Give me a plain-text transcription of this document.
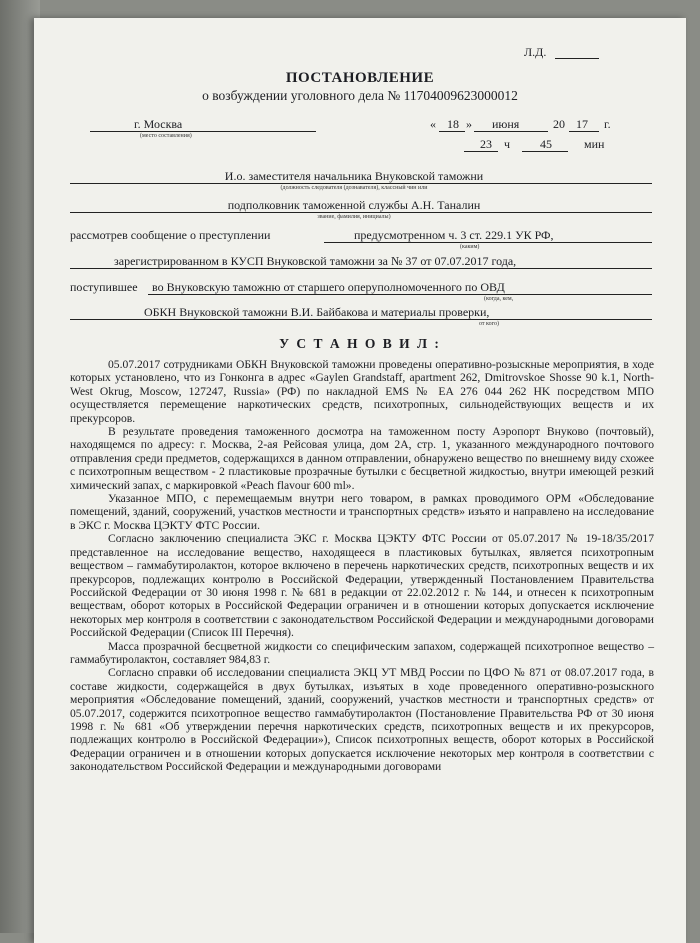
Л.Д.
ПОСТАНОВЛЕНИЕ
о возбуждении уголовного дела № 11704009623000012
г. Москва
(место составления)
« 18 » июня	20 17 г.
23 ч 45	мин
И.о. заместителя начальника Внуковской таможни
(должность следователя (дознавателя), классный чин или
подполковник таможенной службы А.Н. Таналин
звание, фамилия, инициалы)
рассмотрев сообщение о преступлении	предусмотренном ч. 3 ст. 229.1 УК РФ,
(каким)
зарегистрированном в КУСП Внуковской таможни за № 37 от 07.07.2017 года,
поступившее во Внуковскую таможню от старшего оперуполномоченного по ОВД
(когда, кем,
ОБКН Внуковской таможни В.И. Байбакова и материалы проверки,
от кого)
У С Т А Н О В И Л :

05.07.2017 сотрудниками ОБКН Внуковской таможни проведены оперативно-розыскные мероприятия, в ходе которых установлено, что из Гонконга в адрес «Gaylen Grandstaff, apartment 262, Dmitrovskoe Shosse 90 k.1, North-West Okrug, Moscow, 127247, Russia» (РФ) по накладной EMS № EA 276 044 262 HK посредством МПО осуществляется перемещение наркотических средств, психотропных, сильнодействующих веществ и их прекурсоров.

В результате проведения таможенного досмотра на таможенном посту Аэропорт Внуково (почтовый), находящемся по адресу: г. Москва, 2-ая Рейсовая улица, дом 2А, стр. 1, указанного международного почтового отправления среди предметов, содержащихся в данном отправлении, обнаружено вещество по внешнему виду схожее с психотропным веществом - 2 пластиковые прозрачные бутылки с бесцветной жидкостью, внутри имеющей резкий химический запах, с маркировкой «Peach flavour 600 ml».

Указанное МПО, с перемещаемым внутри него товаром, в рамках проводимого ОРМ «Обследование помещений, зданий, сооружений, участков местности и транспортных средств» изъято и направлено на исследование в ЭКС г. Москва ЦЭКТУ ФТС России.

Согласно заключению специалиста ЭКС г. Москва ЦЭКТУ ФТС России от 05.07.2017 № 19-18/35/2017 представленное на исследование вещество, находящееся в пластиковых бутылках, является психотропным веществом – гаммабутиролактон, которое включено в перечень наркотических средств, психотропных веществ и их прекурсоров, подлежащих контролю в Российской Федерации, утвержденный Постановлением Правительства Российской Федерации от 30 июня 1998 г. № 681 в редакции от 22.02.2012 г. № 144, и отнесен к психотропным веществам, оборот которых в Российской Федерации ограничен и в отношении которых допускается исключение некоторых мер контроля в соответствии с законодательством Российской Федерации и международными договорами Российской Федерации (Список III Перечня).

Масса прозрачной бесцветной жидкости со специфическим запахом, содержащей психотропное вещество – гаммабутиролактон, составляет 984,83 г.

Согласно справки об исследовании специалиста ЭКЦ УТ МВД России по ЦФО № 871 от 08.07.2017 года, в составе жидкости, содержащейся в двух бутылках, изъятых в ходе проведенного оперативно-розыскного мероприятия «Обследование помещений, зданий, сооружений, участков местности и транспортных средств» от 05.07.2017, содержится психотропное вещество гаммабутиролактон (Постановление Правительства РФ от 30 июня 1998 г. № 681 «Об утверждении перечня наркотических средств, психотропных веществ и их прекурсоров, подлежащих контролю в Российской Федерации»), Список психотропных веществ, оборот которых в Российской Федерации ограничен и в отношении которых допускается исключение некоторых мер контроля в соответствии с законодательством Российской Федерации и международными договорами
